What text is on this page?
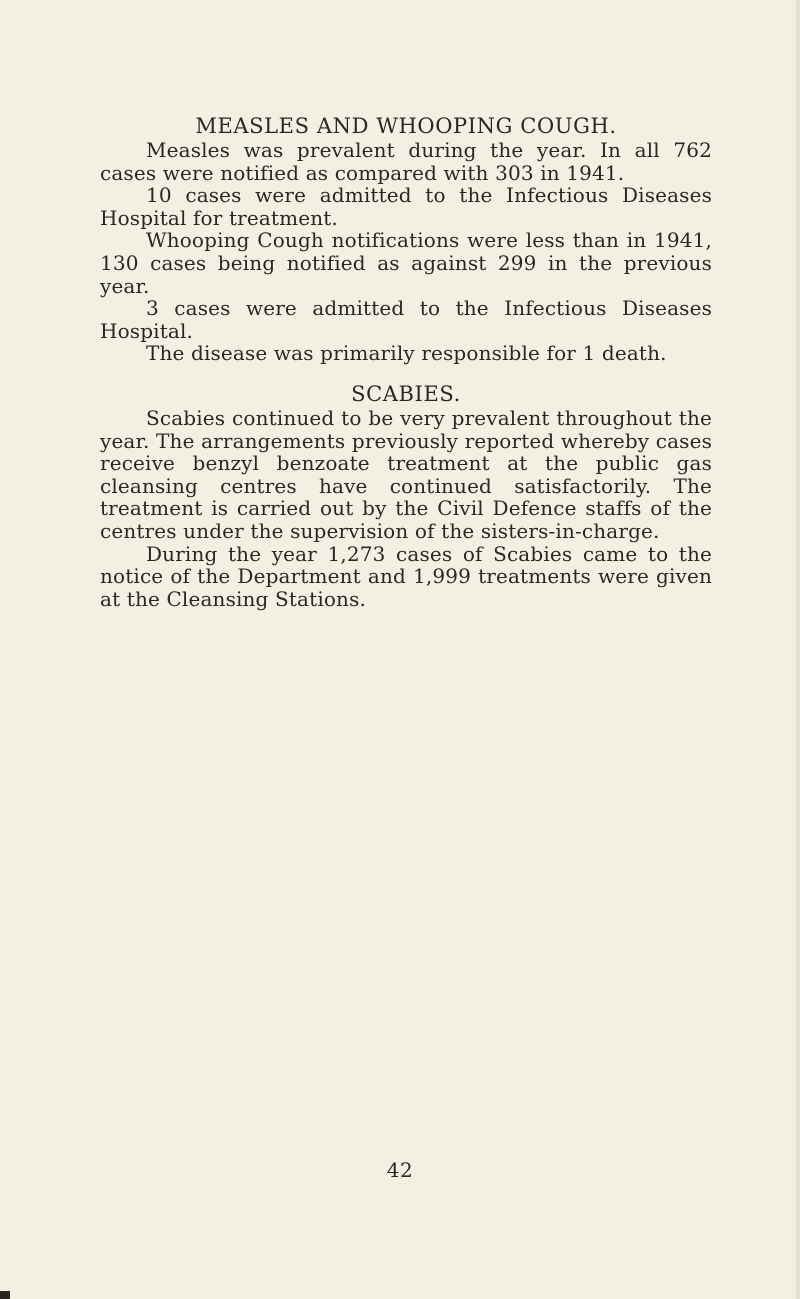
MEASLES AND WHOOPING COUGH.

Measles was prevalent during the year. In all 762 cases were notified as compared with 303 in 1941.

10 cases were admitted to the Infectious Diseases Hospital for treatment.

Whooping Cough notifications were less than in 1941, 130 cases being notified as against 299 in the previous year.

3 cases were admitted to the Infectious Diseases Hospital.

The disease was primarily responsible for 1 death.

SCABIES.

Scabies continued to be very prevalent throughout the year. The arrangements previously reported whereby cases receive benzyl benzoate treatment at the public gas cleansing centres have continued satisfactorily. The treatment is carried out by the Civil Defence staffs of the centres under the supervision of the sisters-in-charge.

During the year 1,273 cases of Scabies came to the notice of the Department and 1,999 treatments were given at the Cleansing Stations.

42
